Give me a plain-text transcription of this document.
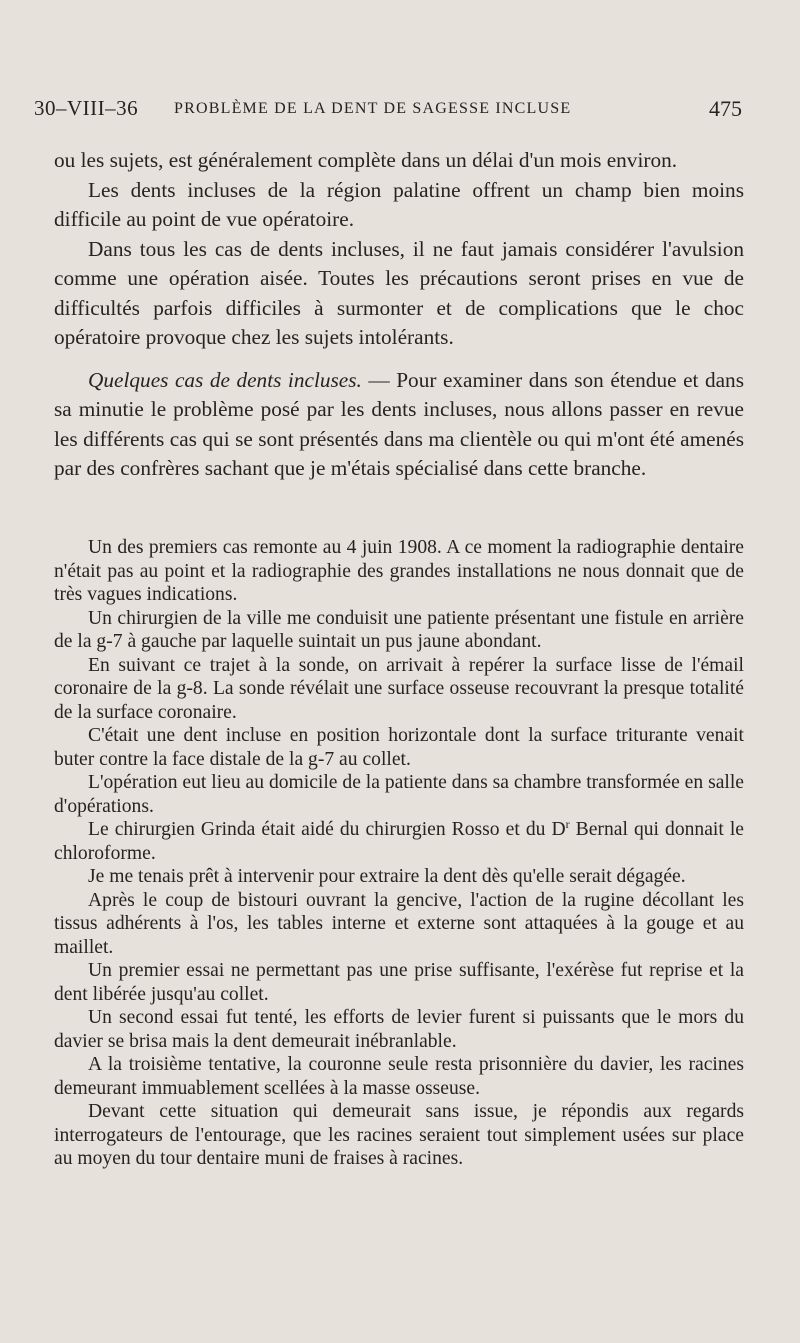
30–VIII–36 PROBLÈME DE LA DENT DE SAGESSE INCLUSE	475

ou les sujets, est généralement complète dans un délai d'un mois environ.

Les dents incluses de la région palatine offrent un champ bien moins difficile au point de vue opératoire.

Dans tous les cas de dents incluses, il ne faut jamais considérer l'avulsion comme une opération aisée. Toutes les précautions seront prises en vue de difficultés parfois difficiles à surmonter et de complications que le choc opératoire provoque chez les sujets intolérants.

Quelques cas de dents incluses. — Pour examiner dans son étendue et dans sa minutie le problème posé par les dents incluses, nous allons passer en revue les différents cas qui se sont présentés dans ma clientèle ou qui m'ont été amenés par des confrères sachant que je m'étais spécialisé dans cette branche.

Un des premiers cas remonte au 4 juin 1908. A ce moment la radiographie dentaire n'était pas au point et la radiographie des grandes installations ne nous donnait que de très vagues indications.

Un chirurgien de la ville me conduisit une patiente présentant une fistule en arrière de la g-7 à gauche par laquelle suintait un pus jaune abondant.

En suivant ce trajet à la sonde, on arrivait à repérer la surface lisse de l'émail coronaire de la g-8. La sonde révélait une surface osseuse recouvrant la presque totalité de la surface coronaire.

C'était une dent incluse en position horizontale dont la surface triturante venait buter contre la face distale de la g-7 au collet.

L'opération eut lieu au domicile de la patiente dans sa chambre transformée en salle d'opérations.

Le chirurgien Grinda était aidé du chirurgien Rosso et du $D^r$ Bernal qui donnait le chloroforme.

Je me tenais prêt à intervenir pour extraire la dent dès qu'elle serait dégagée.

Après le coup de bistouri ouvrant la gencive, l'action de la rugine décollant les tissus adhérents à l'os, les tables interne et externe sont attaquées à la gouge et au maillet.

Un premier essai ne permettant pas une prise suffisante, l'exérèse fut reprise et la dent libérée jusqu'au collet.

Un second essai fut tenté, les efforts de levier furent si puissants que le mors du davier se brisa mais la dent demeurait inébranlable.

A la troisième tentative, la couronne seule resta prisonnière du davier, les racines demeurant immuablement scellées à la masse osseuse.

Devant cette situation qui demeurait sans issue, je répondis aux regards interrogateurs de l'entourage, que les racines seraient tout simplement usées sur place au moyen du tour dentaire muni de fraises à racines.
